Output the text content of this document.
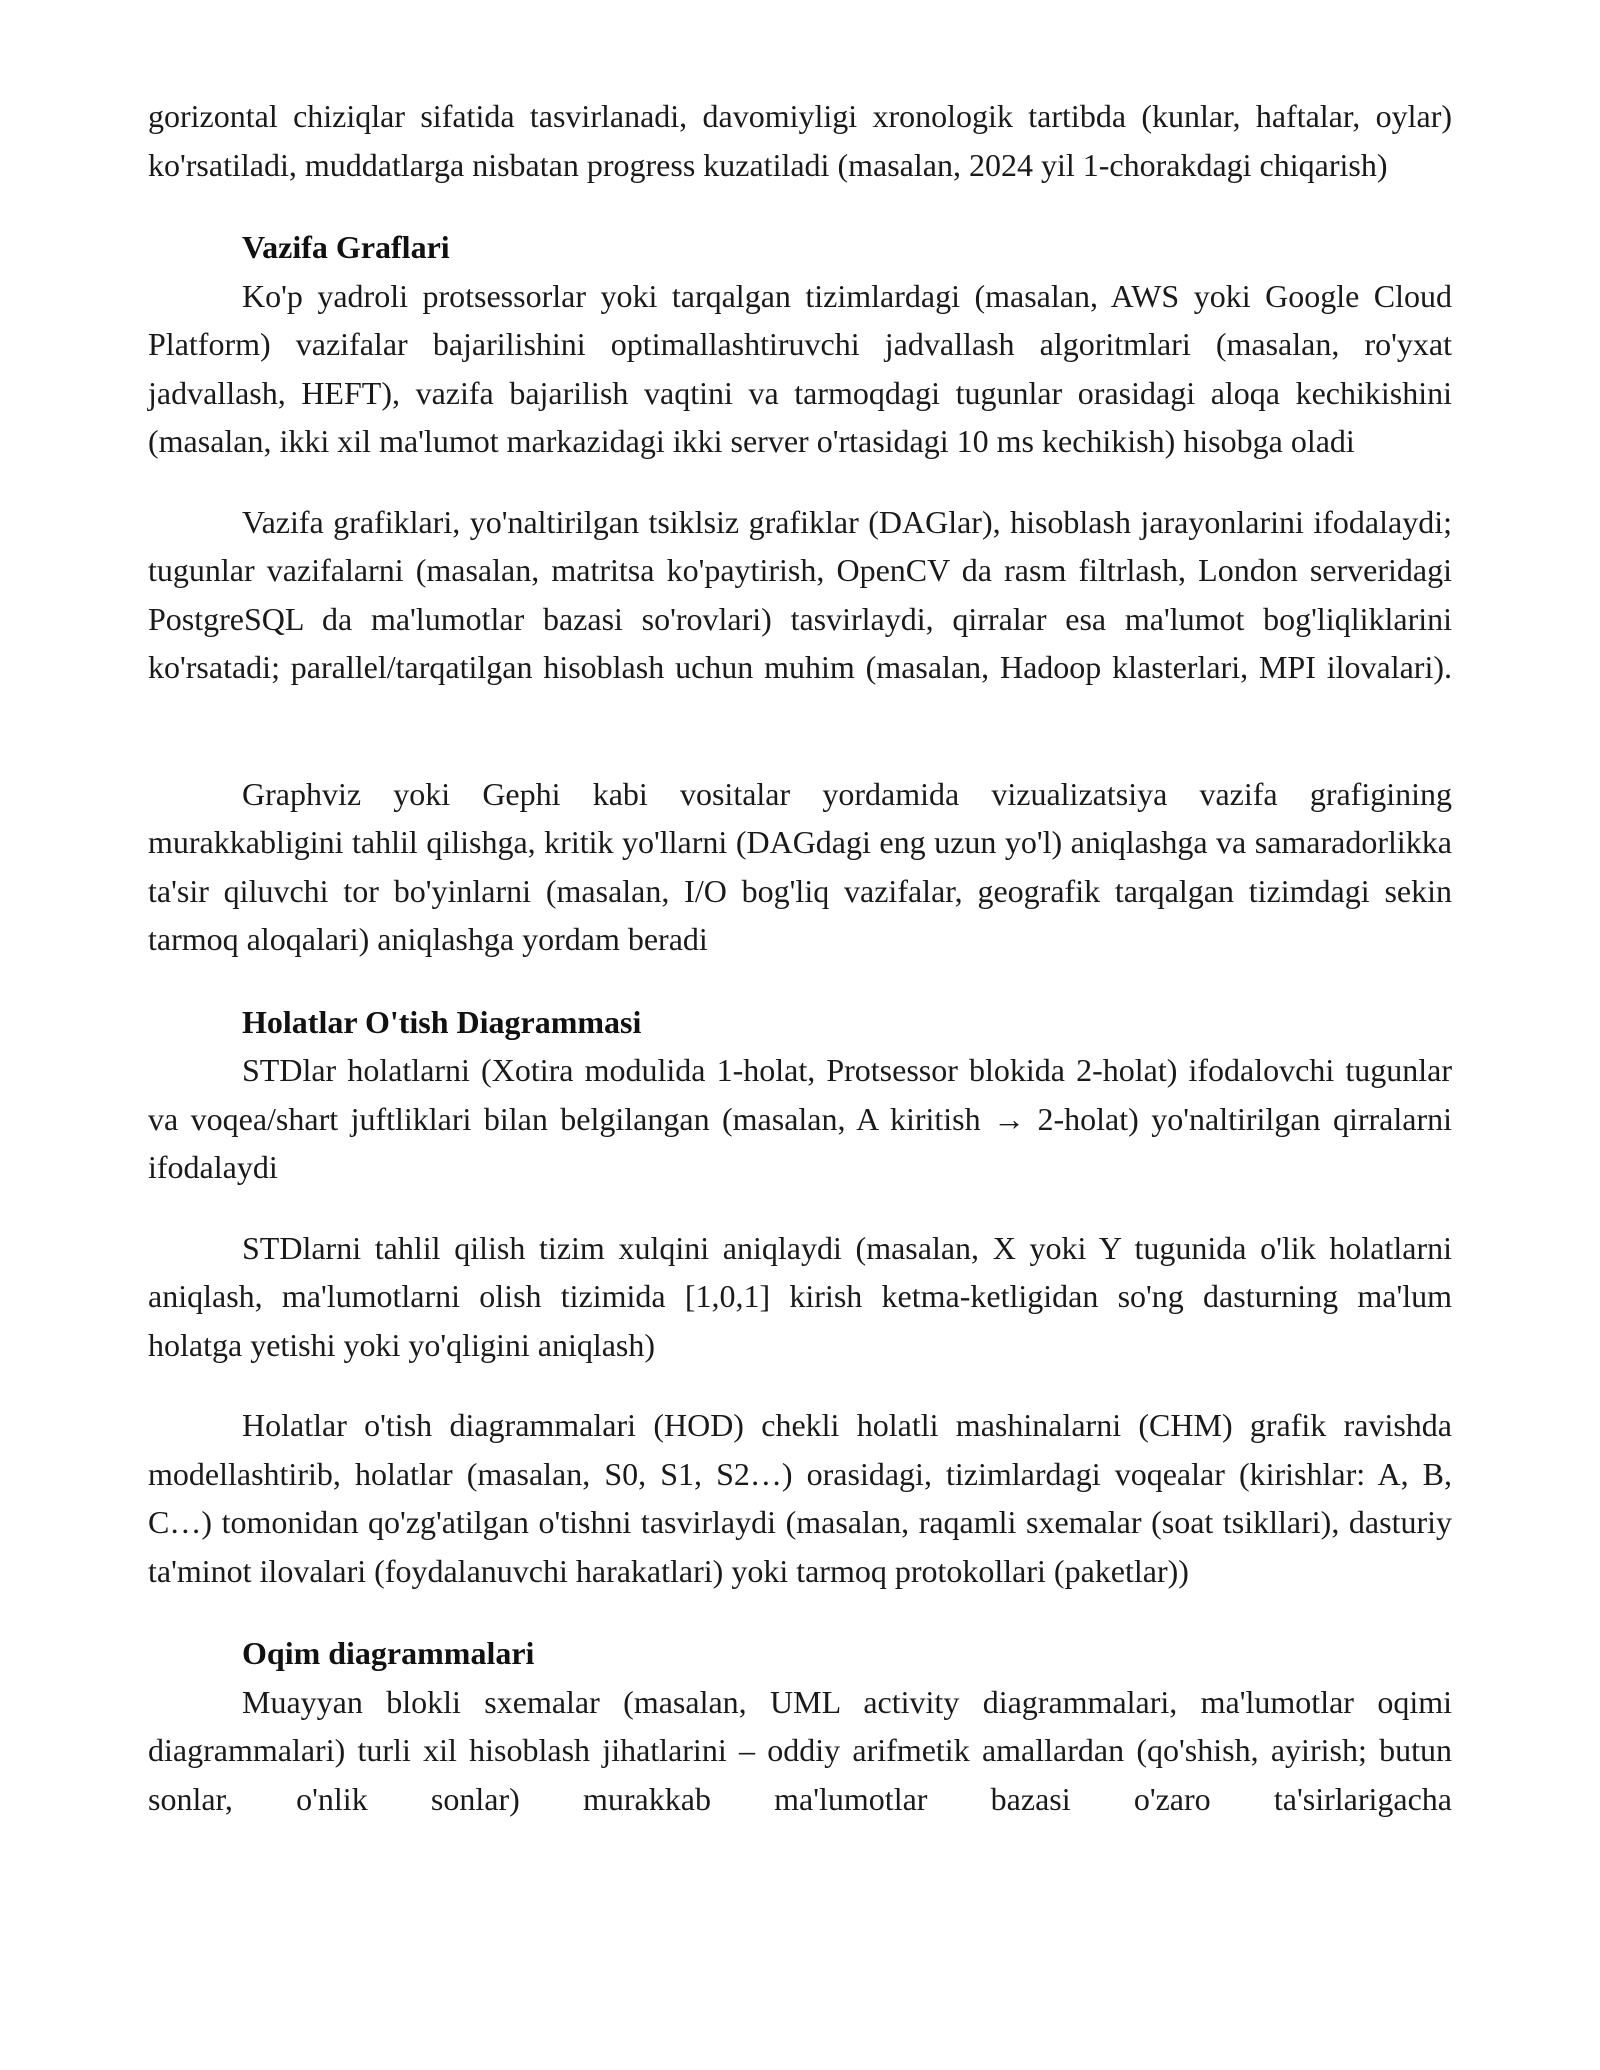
gorizontal chiziqlar sifatida tasvirlanadi, davomiyligi xronologik tartibda (kunlar, haftalar, oylar) ko'rsatiladi, muddatlarga nisbatan progress kuzatiladi (masalan, 2024 yil 1-chorakdagi chiqarish)

Vazifa Graflari

Ko'p yadroli protsessorlar yoki tarqalgan tizimlardagi (masalan, AWS yoki Google Cloud Platform) vazifalar bajarilishini optimallashtiruvchi jadvallash algoritmlari (masalan, ro'yxat jadvallash, HEFT), vazifa bajarilish vaqtini va tarmoqdagi tugunlar orasidagi aloqa kechikishini (masalan, ikki xil ma'lumot markazidagi ikki server o'rtasidagi 10 ms kechikish) hisobga oladi

Vazifa grafiklari, yo'naltirilgan tsiklsiz grafiklar (DAGlar), hisoblash jarayonlarini ifodalaydi; tugunlar vazifalarni (masalan, matritsa ko'paytirish, OpenCV da rasm filtrlash, London serveridagi PostgreSQL da ma'lumotlar bazasi so'rovlari) tasvirlaydi, qirralar esa ma'lumot bog'liqliklarini ko'rsatadi; parallel/tarqatilgan hisoblash uchun muhim (masalan, Hadoop klasterlari, MPI ilovalari).

Graphviz yoki Gephi kabi vositalar yordamida vizualizatsiya vazifa grafigining murakkabligini tahlil qilishga, kritik yo'llarni (DAGdagi eng uzun yo'l) aniqlashga va samaradorlikka ta'sir qiluvchi tor bo'yinlarni (masalan, I/O bog'liq vazifalar, geografik tarqalgan tizimdagi sekin tarmoq aloqalari) aniqlashga yordam beradi

Holatlar O'tish Diagrammasi

STDlar holatlarni (Xotira modulida 1-holat, Protsessor blokida 2-holat) ifodalovchi tugunlar va voqea/shart juftliklari bilan belgilangan (masalan, A kiritish → 2-holat) yo'naltirilgan qirralarni ifodalaydi

STDlarni tahlil qilish tizim xulqini aniqlaydi (masalan, X yoki Y tugunida o'lik holatlarni aniqlash, ma'lumotlarni olish tizimida [1,0,1] kirish ketma-ketligidan so'ng dasturning ma'lum holatga yetishi yoki yo'qligini aniqlash)

Holatlar o'tish diagrammalari (HOD) chekli holatli mashinalarni (CHM) grafik ravishda modellashtirib, holatlar (masalan, S0, S1, S2…) orasidagi, tizimlardagi voqealar (kirishlar: A, B, C…) tomonidan qo'zg'atilgan o'tishni tasvirlaydi (masalan, raqamli sxemalar (soat tsikllari), dasturiy ta'minot ilovalari (foydalanuvchi harakatlari) yoki tarmoq protokollari (paketlar))

Oqim diagrammalari

Muayyan blokli sxemalar (masalan, UML activity diagrammalari, ma'lumotlar oqimi diagrammalari) turli xil hisoblash jihatlarini – oddiy arifmetik amallardan (qo'shish, ayirish; butun sonlar, o'nlik sonlar) murakkab ma'lumotlar bazasi o'zaro ta'sirlarigacha
